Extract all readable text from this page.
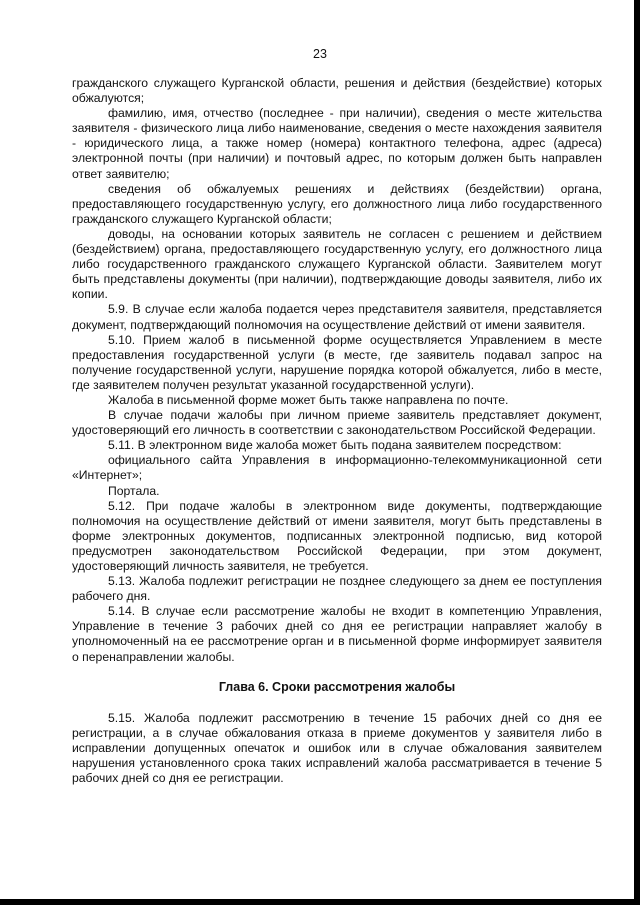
23

гражданского служащего Курганской области, решения и действия (бездействие) которых обжалуются;

фамилию, имя, отчество (последнее - при наличии), сведения о месте жительства заявителя - физического лица либо наименование, сведения о месте нахождения заявителя - юридического лица, а также номер (номера) контактного телефона, адрес (адреса) электронной почты (при наличии) и почтовый адрес, по которым должен быть направлен ответ заявителю;

сведения об обжалуемых решениях и действиях (бездействии) органа, предоставляющего государственную услугу, его должностного лица либо государственного гражданского служащего Курганской области;

доводы, на основании которых заявитель не согласен с решением и действием (бездействием) органа, предоставляющего государственную услугу, его должностного лица либо государственного гражданского служащего Курганской области. Заявителем могут быть представлены документы (при наличии), подтверждающие доводы заявителя, либо их копии.

5.9. В случае если жалоба подается через представителя заявителя, представляется документ, подтверждающий полномочия на осуществление действий от имени заявителя.

5.10. Прием жалоб в письменной форме осуществляется Управлением в месте предоставления государственной услуги (в месте, где заявитель подавал запрос на получение государственной услуги, нарушение порядка которой обжалуется, либо в месте, где заявителем получен результат указанной государственной услуги).

Жалоба в письменной форме может быть также направлена по почте.

В случае подачи жалобы при личном приеме заявитель представляет документ, удостоверяющий его личность в соответствии с законодательством Российской Федерации.

5.11. В электронном виде жалоба может быть подана заявителем посредством:

официального сайта Управления в информационно-телекоммуникационной сети «Интернет»;

Портала.

5.12. При подаче жалобы в электронном виде документы, подтверждающие полномочия на осуществление действий от имени заявителя, могут быть представлены в форме электронных документов, подписанных электронной подписью, вид которой предусмотрен законодательством Российской Федерации, при этом документ, удостоверяющий личность заявителя, не требуется.

5.13. Жалоба подлежит регистрации не позднее следующего за днем ее поступления рабочего дня.

5.14. В случае если рассмотрение жалобы не входит в компетенцию Управления, Управление в течение 3 рабочих дней со дня ее регистрации направляет жалобу в уполномоченный на ее рассмотрение орган и в письменной форме информирует заявителя о перенаправлении жалобы.

Глава 6. Сроки рассмотрения жалобы

5.15. Жалоба подлежит рассмотрению в течение 15 рабочих дней со дня ее регистрации, а в случае обжалования отказа в приеме документов у заявителя либо в исправлении допущенных опечаток и ошибок или в случае обжалования заявителем нарушения установленного срока таких исправлений жалоба рассматривается в течение 5 рабочих дней со дня ее регистрации.
